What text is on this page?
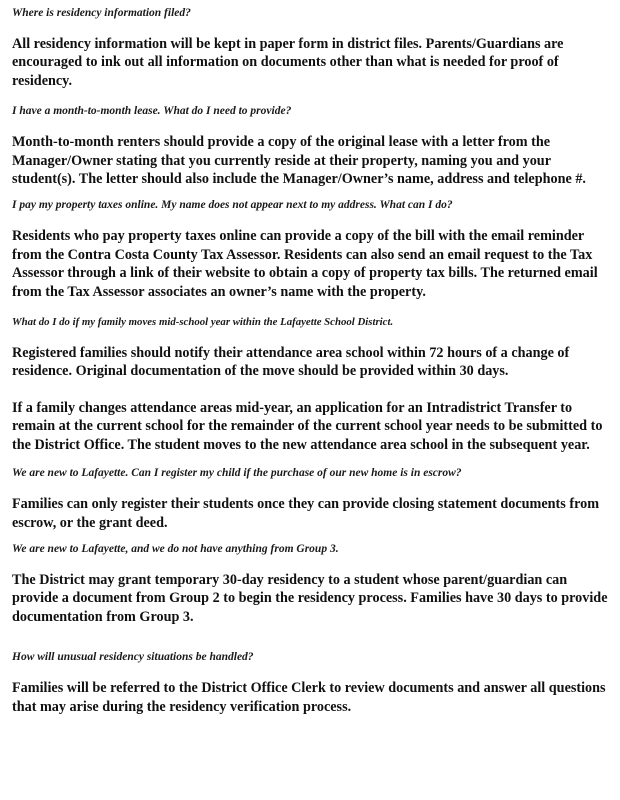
Where is residency information filed?

All residency information will be kept in paper form in district files. Parents/Guardians are encouraged to ink out all information on documents other than what is needed for proof of residency.

I have a month-to-month lease. What do I need to provide?

Month-to-month renters should provide a copy of the original lease with a letter from the Manager/Owner stating that you currently reside at their property, naming you and your student(s). The letter should also include the Manager/Owner’s name, address and telephone #.

I pay my property taxes online. My name does not appear next to my address. What can I do?

Residents who pay property taxes online can provide a copy of the bill with the email reminder from the Contra Costa County Tax Assessor. Residents can also send an email request to the Tax Assessor through a link of their website to obtain a copy of property tax bills. The returned email from the Tax Assessor associates an owner’s name with the property.

What do I do if my family moves mid-school year within the Lafayette School District.

Registered families should notify their attendance area school within 72 hours of a change of residence. Original documentation of the move should be provided within 30 days.

If a family changes attendance areas mid-year, an application for an Intradistrict Transfer to remain at the current school for the remainder of the current school year needs to be submitted to the District Office. The student moves to the new attendance area school in the subsequent year.

We are new to Lafayette. Can I register my child if the purchase of our new home is in escrow?

Families can only register their students once they can provide closing statement documents from escrow, or the grant deed.

We are new to Lafayette, and we do not have anything from Group 3.

The District may grant temporary 30-day residency to a student whose parent/guardian can provide a document from Group 2 to begin the residency process. Families have 30 days to provide documentation from Group 3.

How will unusual residency situations be handled?

Families will be referred to the District Office Clerk to review documents and answer all questions that may arise during the residency verification process.
